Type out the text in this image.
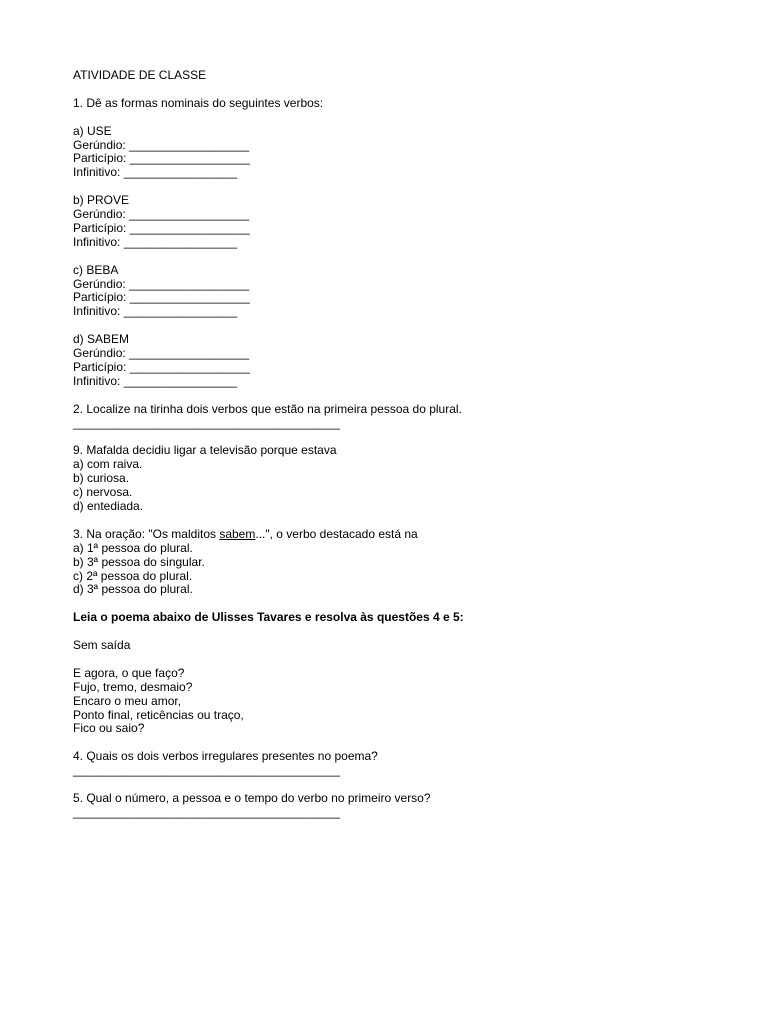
ATIVIDADE DE CLASSE
1. Dê as formas nominais do seguintes verbos:
a) USE
Gerúndio: __________________
Particípio: __________________
Infinitivo: _________________
b) PROVE
Gerúndio: __________________
Particípio: __________________
Infinitivo: _________________
c) BEBA
Gerúndio: __________________
Particípio: __________________
Infinitivo: _________________
d) SABEM
Gerúndio: __________________
Particípio: __________________
Infinitivo: _________________
2. Localize na tirinha dois verbos que estão na primeira pessoa do plural.
________________________________________
9. Mafalda decidiu ligar a televisão porque estava
a) com raiva.
b) curiosa.
c) nervosa.
d) entediada.
3. Na oração: "Os malditos sabem...", o verbo destacado está na
a) 1ª pessoa do plural.
b) 3ª pessoa do singular.
c) 2ª pessoa do plural.
d) 3ª pessoa do plural.
Leia o poema abaixo de Ulisses Tavares e resolva às questões 4 e 5:
Sem saída
E agora, o que faço?
Fujo, tremo, desmaio?
Encaro o meu amor,
Ponto final, reticências ou traço,
Fico ou saio?
4. Quais os dois verbos irregulares presentes no poema?
________________________________________
5. Qual o número, a pessoa e o tempo do verbo no primeiro verso?
________________________________________
